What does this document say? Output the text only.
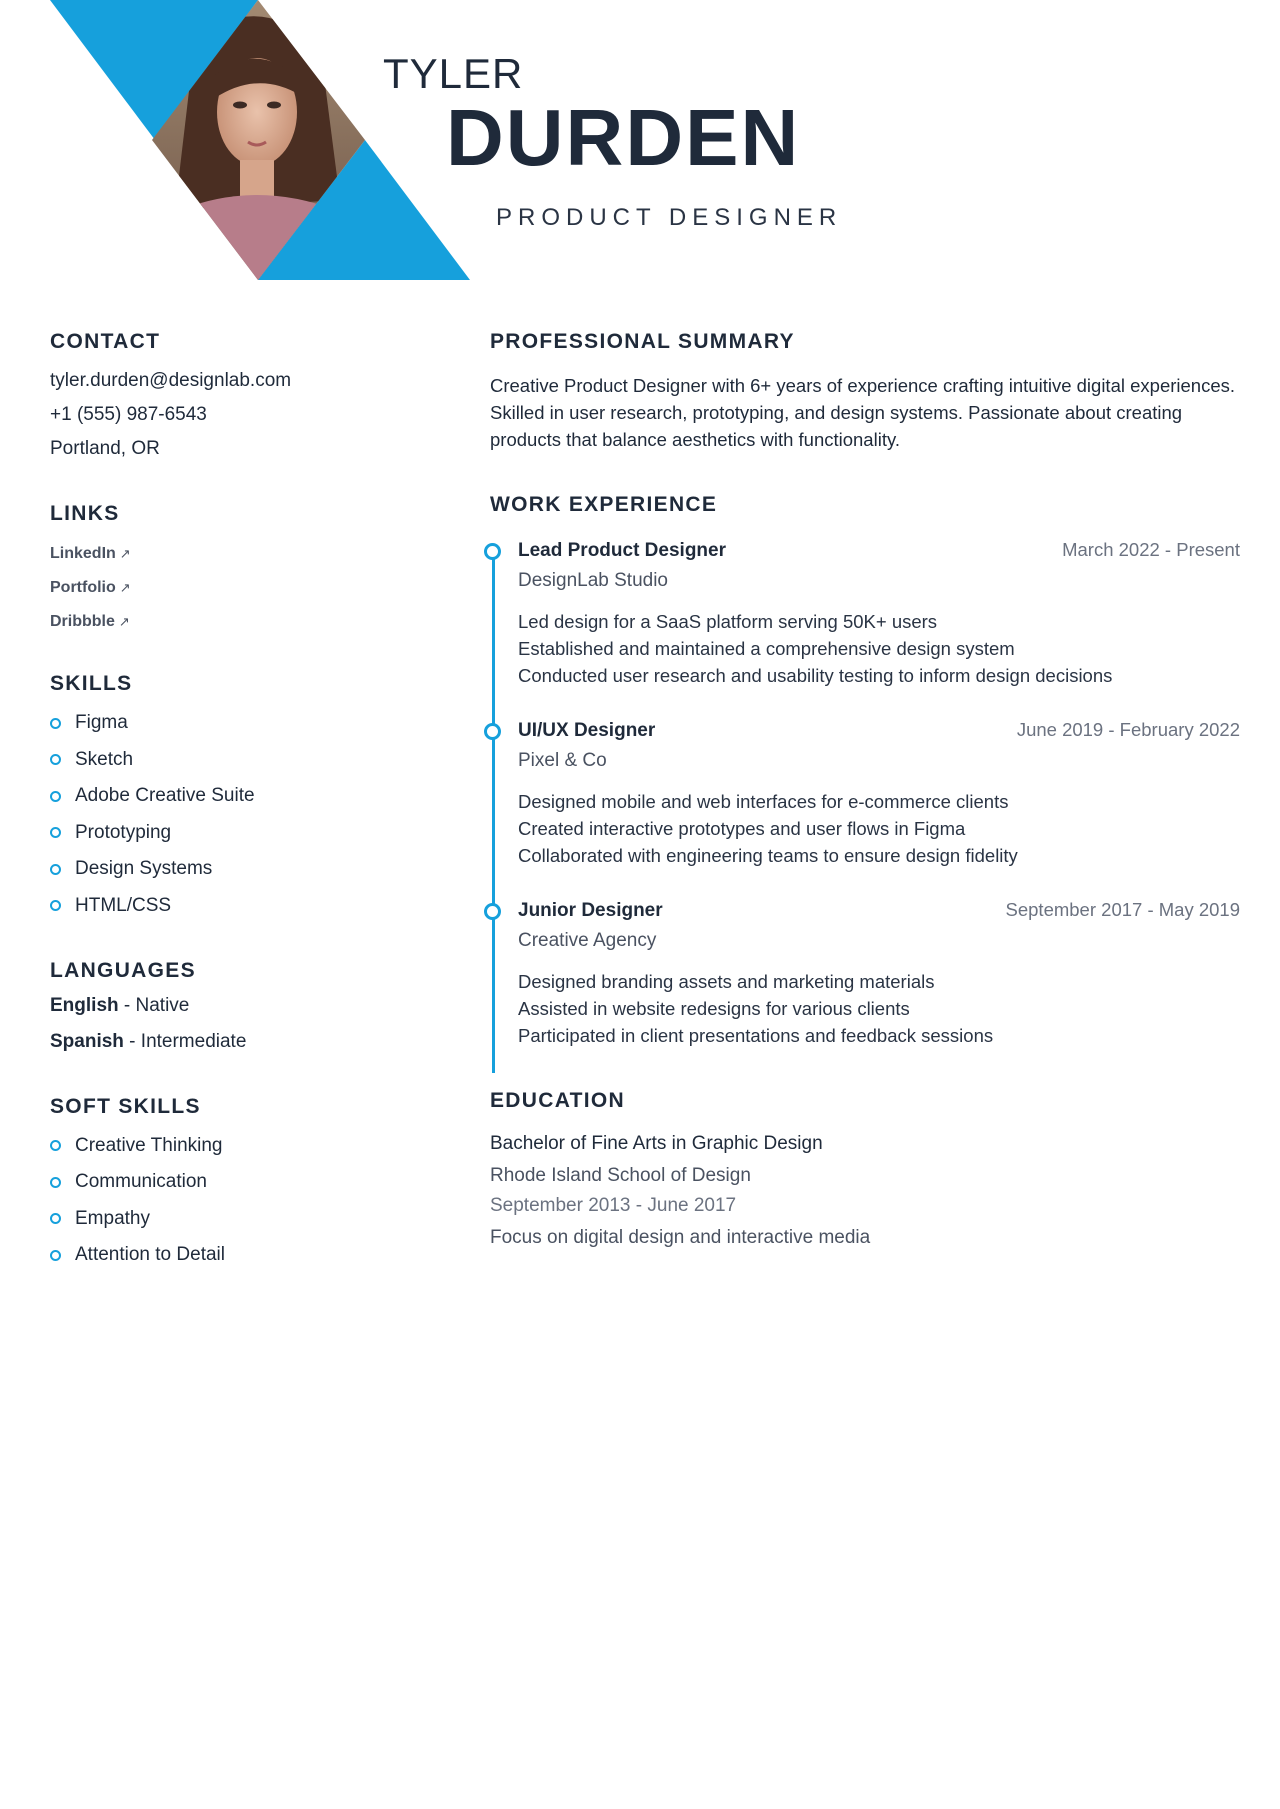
TYLER
DURDEN
PRODUCT DESIGNER
CONTACT
tyler.durden@designlab.com
+1 (555) 987-6543
Portland, OR
LINKS
LinkedIn ↗
Portfolio ↗
Dribbble ↗
SKILLS
Figma
Sketch
Adobe Creative Suite
Prototyping
Design Systems
HTML/CSS
LANGUAGES
English - Native
Spanish - Intermediate
SOFT SKILLS
Creative Thinking
Communication
Empathy
Attention to Detail
PROFESSIONAL SUMMARY
Creative Product Designer with 6+ years of experience crafting intuitive digital experiences. Skilled in user research, prototyping, and design systems. Passionate about creating products that balance aesthetics with functionality.
WORK EXPERIENCE
Lead Product Designer	March 2022 - Present
DesignLab Studio
Led design for a SaaS platform serving 50K+ users
Established and maintained a comprehensive design system
Conducted user research and usability testing to inform design decisions
UI/UX Designer	June 2019 - February 2022
Pixel & Co
Designed mobile and web interfaces for e-commerce clients
Created interactive prototypes and user flows in Figma
Collaborated with engineering teams to ensure design fidelity
Junior Designer	September 2017 - May 2019
Creative Agency
Designed branding assets and marketing materials
Assisted in website redesigns for various clients
Participated in client presentations and feedback sessions
EDUCATION
Bachelor of Fine Arts in Graphic Design
Rhode Island School of Design
September 2013 - June 2017
Focus on digital design and interactive media
